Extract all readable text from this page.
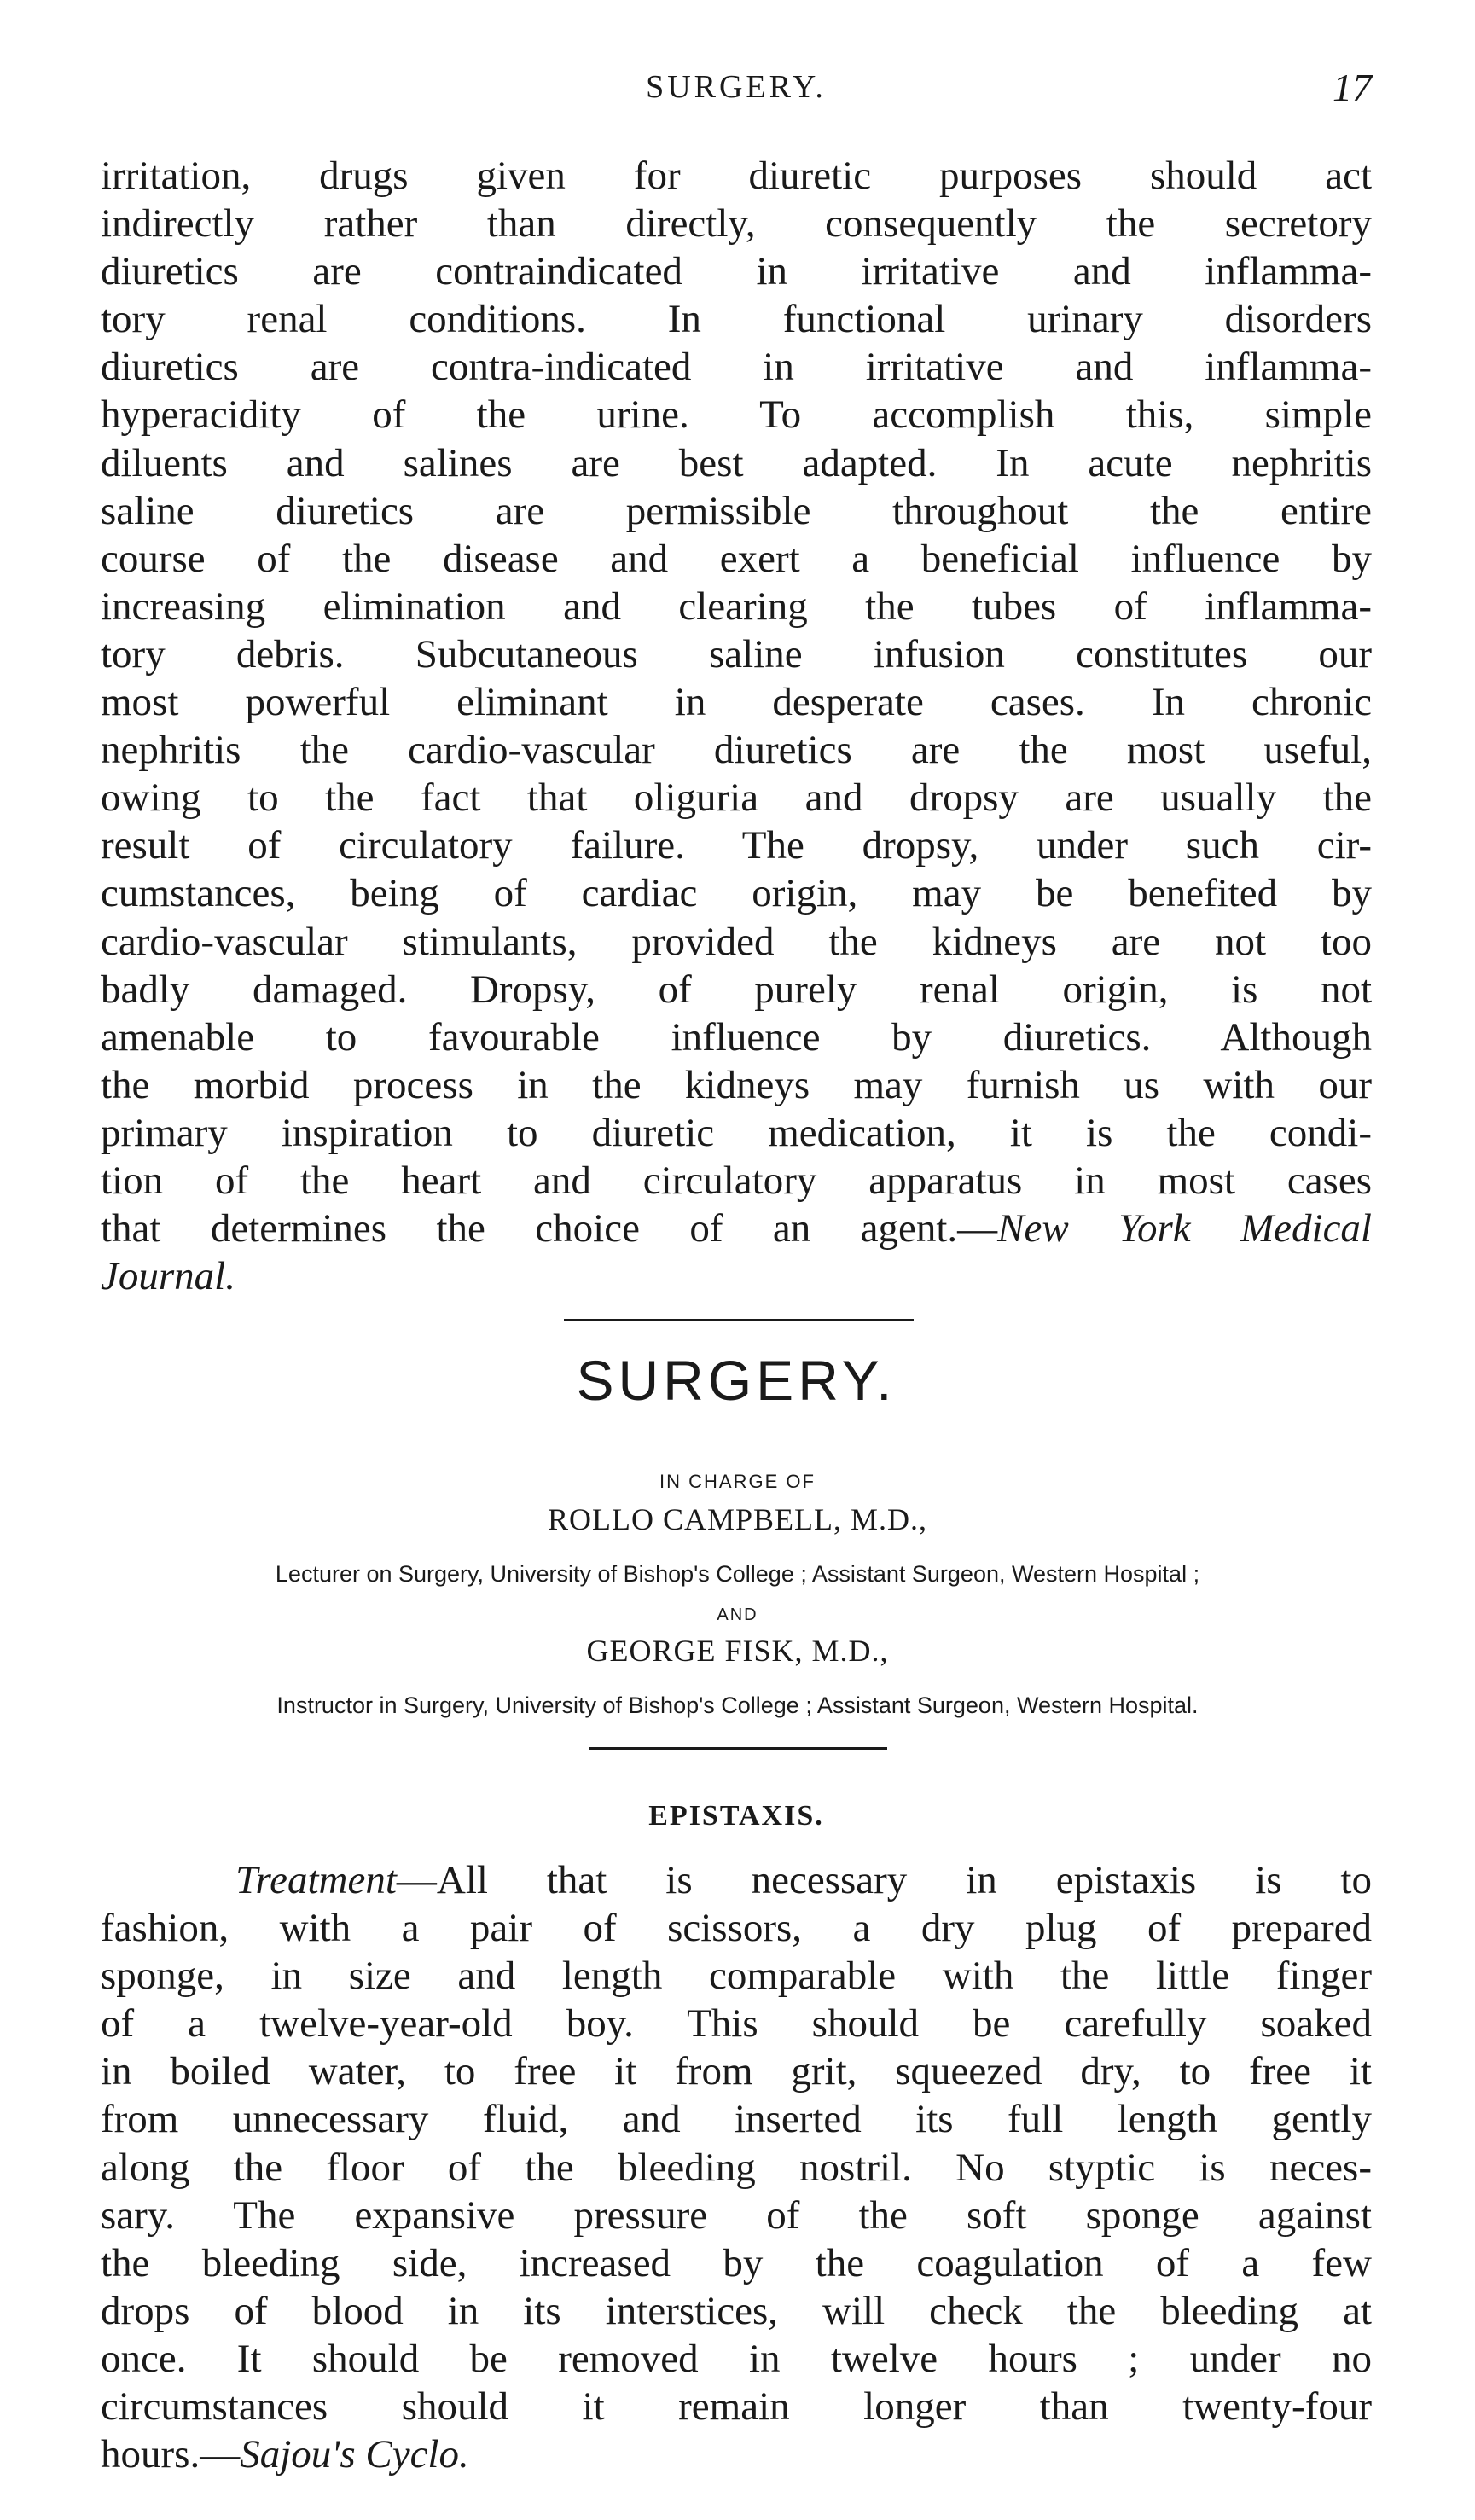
SURGERY.	17
irritation, drugs given for diuretic purposes should act
indirectly rather than directly, consequently the secretory
diuretics are contraindicated in irritative and inflamma-
tory renal conditions. In functional urinary disorders
diuretics are contra-indicated in irritative and inflamma-
hyperacidity of the urine. To accomplish this, simple
diluents and salines are best adapted. In acute nephritis
saline diuretics are permissible throughout the entire
course of the disease and exert a beneficial influence by
increasing elimination and clearing the tubes of inflamma-
tory debris. Subcutaneous saline infusion constitutes our
most powerful eliminant in desperate cases. In chronic
nephritis the cardio-vascular diuretics are the most useful,
owing to the fact that oliguria and dropsy are usually the
result of circulatory failure. The dropsy, under such cir-
cumstances, being of cardiac origin, may be benefited by
cardio-vascular stimulants, provided the kidneys are not too
badly damaged. Dropsy, of purely renal origin, is not
amenable to favourable influence by diuretics. Although
the morbid process in the kidneys may furnish us with our
primary inspiration to diuretic medication, it is the condi-
tion of the heart and circulatory apparatus in most cases
that determines the choice of an agent.—New York Medical
Journal.
SURGERY.
IN CHARGE OF
ROLLO CAMPBELL, M.D.,
Lecturer on Surgery, University of Bishop's College ; Assistant Surgeon, Western Hospital ;
AND
GEORGE FISK, M.D.,
Instructor in Surgery, University of Bishop's College ; Assistant Surgeon, Western Hospital.
EPISTAXIS.
Treatment—All that is necessary in epistaxis is to
fashion, with a pair of scissors, a dry plug of prepared
sponge, in size and length comparable with the little finger
of a twelve-year-old boy. This should be carefully soaked
in boiled water, to free it from grit, squeezed dry, to free it
from unnecessary fluid, and inserted its full length gently
along the floor of the bleeding nostril. No styptic is neces-
sary. The expansive pressure of the soft sponge against
the bleeding side, increased by the coagulation of a few
drops of blood in its interstices, will check the bleeding at
once. It should be removed in twelve hours ; under no
circumstances should it remain longer than twenty-four
hours.—Sajou's Cyclo.
